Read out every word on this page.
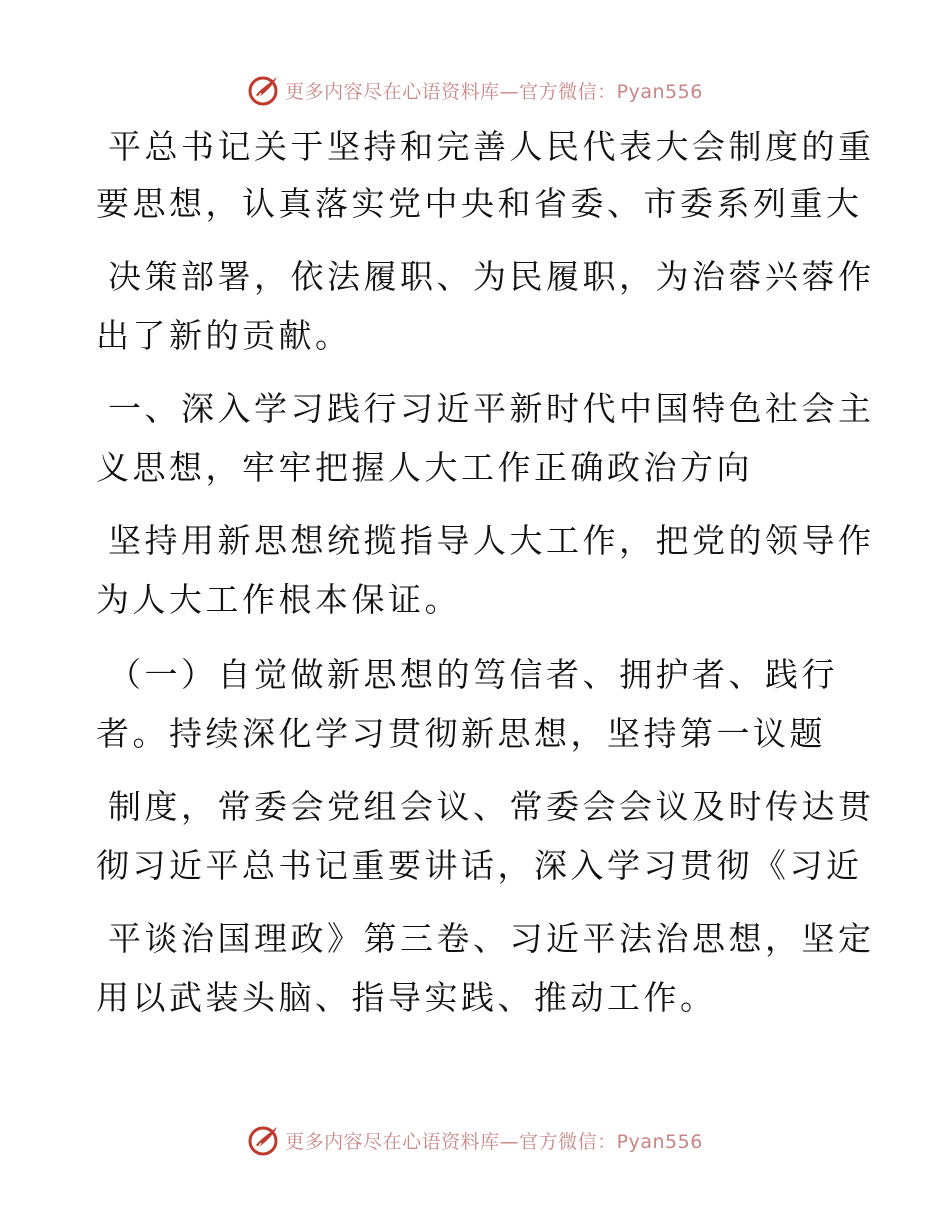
更多内容尽在心语资料库—官方微信：Pyan556
平总书记关于坚持和完善人民代表大会制度的重
要思想，认真落实党中央和省委、市委系列重大
决策部署，依法履职、为民履职，为治蓉兴蓉作
出了新的贡献。
一、深入学习践行习近平新时代中国特色社会主
义思想，牢牢把握人大工作正确政治方向
坚持用新思想统揽指导人大工作，把党的领导作
为人大工作根本保证。
（一）自觉做新思想的笃信者、拥护者、践行
者。持续深化学习贯彻新思想，坚持第一议题
制度，常委会党组会议、常委会会议及时传达贯
彻习近平总书记重要讲话，深入学习贯彻《习近
平谈治国理政》第三卷、习近平法治思想，坚定
用以武装头脑、指导实践、推动工作。
更多内容尽在心语资料库—官方微信：Pyan556
